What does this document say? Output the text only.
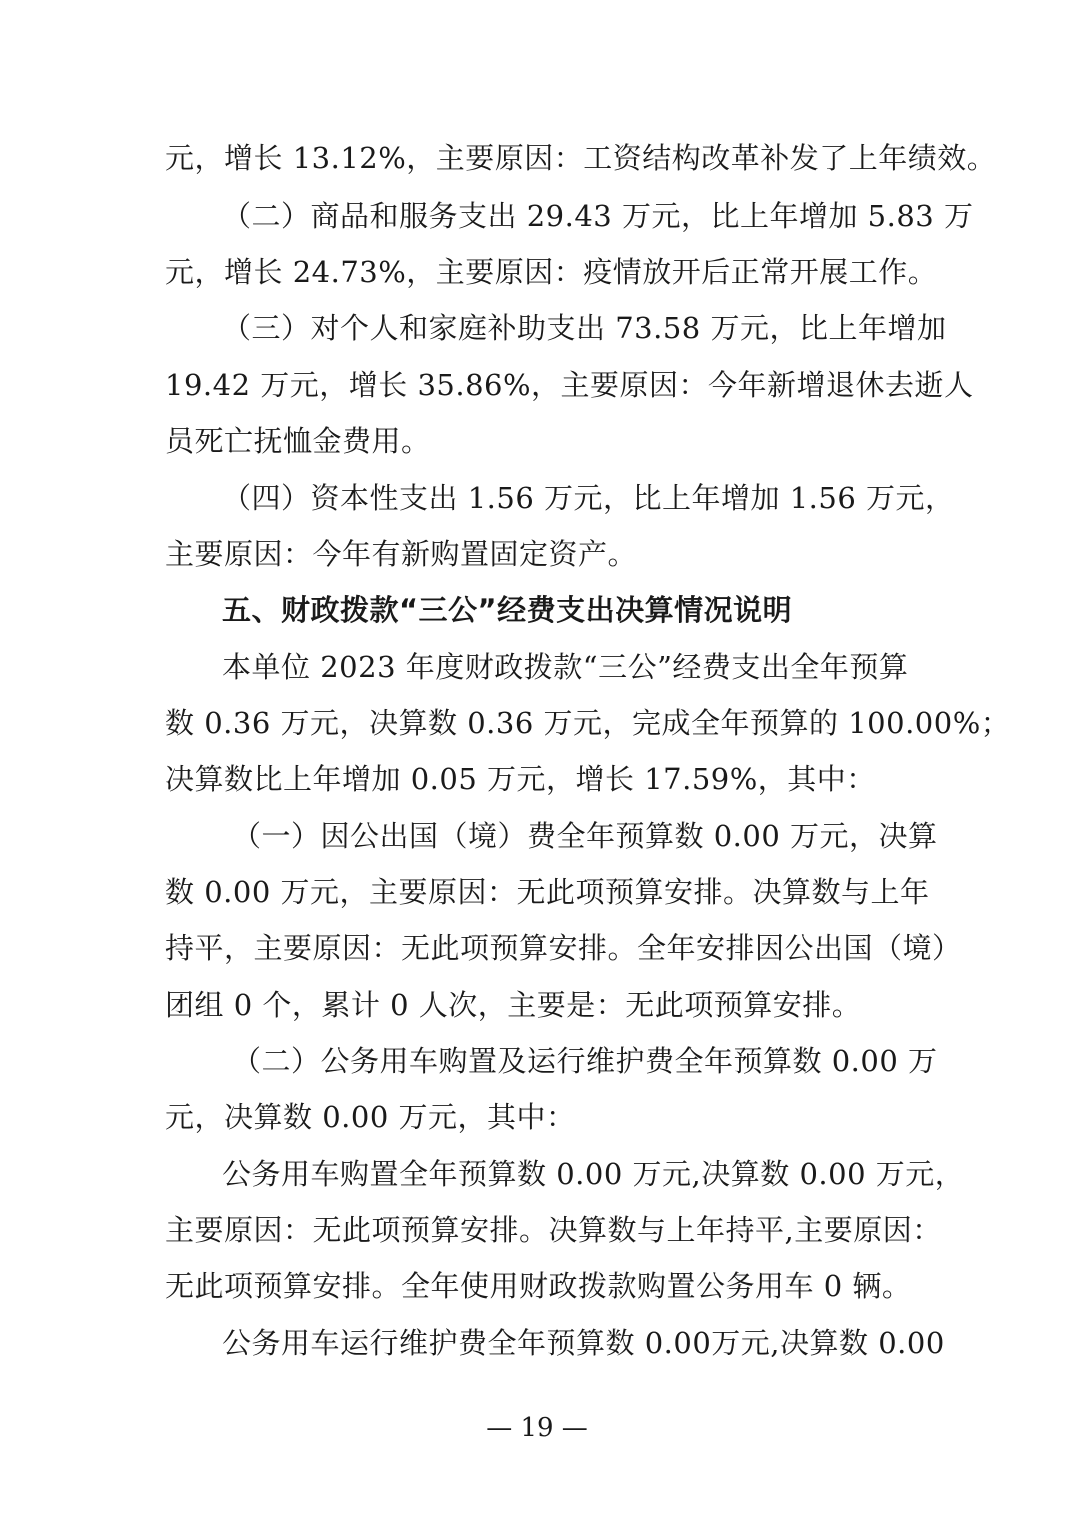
元，增长 13.12%，主要原因：工资结构改革补发了上年绩效。
（二）商品和服务支出 29.43 万元，比上年增加 5.83 万
元，增长 24.73%，主要原因：疫情放开后正常开展工作。
（三）对个人和家庭补助支出 73.58 万元，比上年增加
19.42 万元，增长 35.86%，主要原因：今年新增退休去逝人
员死亡抚恤金费用。
（四）资本性支出 1.56 万元，比上年增加 1.56 万元，
主要原因：今年有新购置固定资产。
五、财政拨款“三公”经费支出决算情况说明
本单位 2023 年度财政拨款“三公”经费支出全年预算
数 0.36 万元，决算数 0.36 万元，完成全年预算的 100.00%；
决算数比上年增加 0.05 万元，增长 17.59%，其中：
（一）因公出国（境）费全年预算数 0.00 万元，决算
数 0.00 万元，主要原因：无此项预算安排。决算数与上年
持平，主要原因：无此项预算安排。全年安排因公出国（境）
团组 0 个，累计 0 人次，主要是：无此项预算安排。
（二）公务用车购置及运行维护费全年预算数 0.00 万
元，决算数 0.00 万元，其中：
公务用车购置全年预算数 0.00 万元,决算数 0.00 万元，
主要原因：无此项预算安排。决算数与上年持平,主要原因：
无此项预算安排。全年使用财政拨款购置公务用车 0 辆。
公务用车运行维护费全年预算数 0.00万元,决算数 0.00
— 19 —
